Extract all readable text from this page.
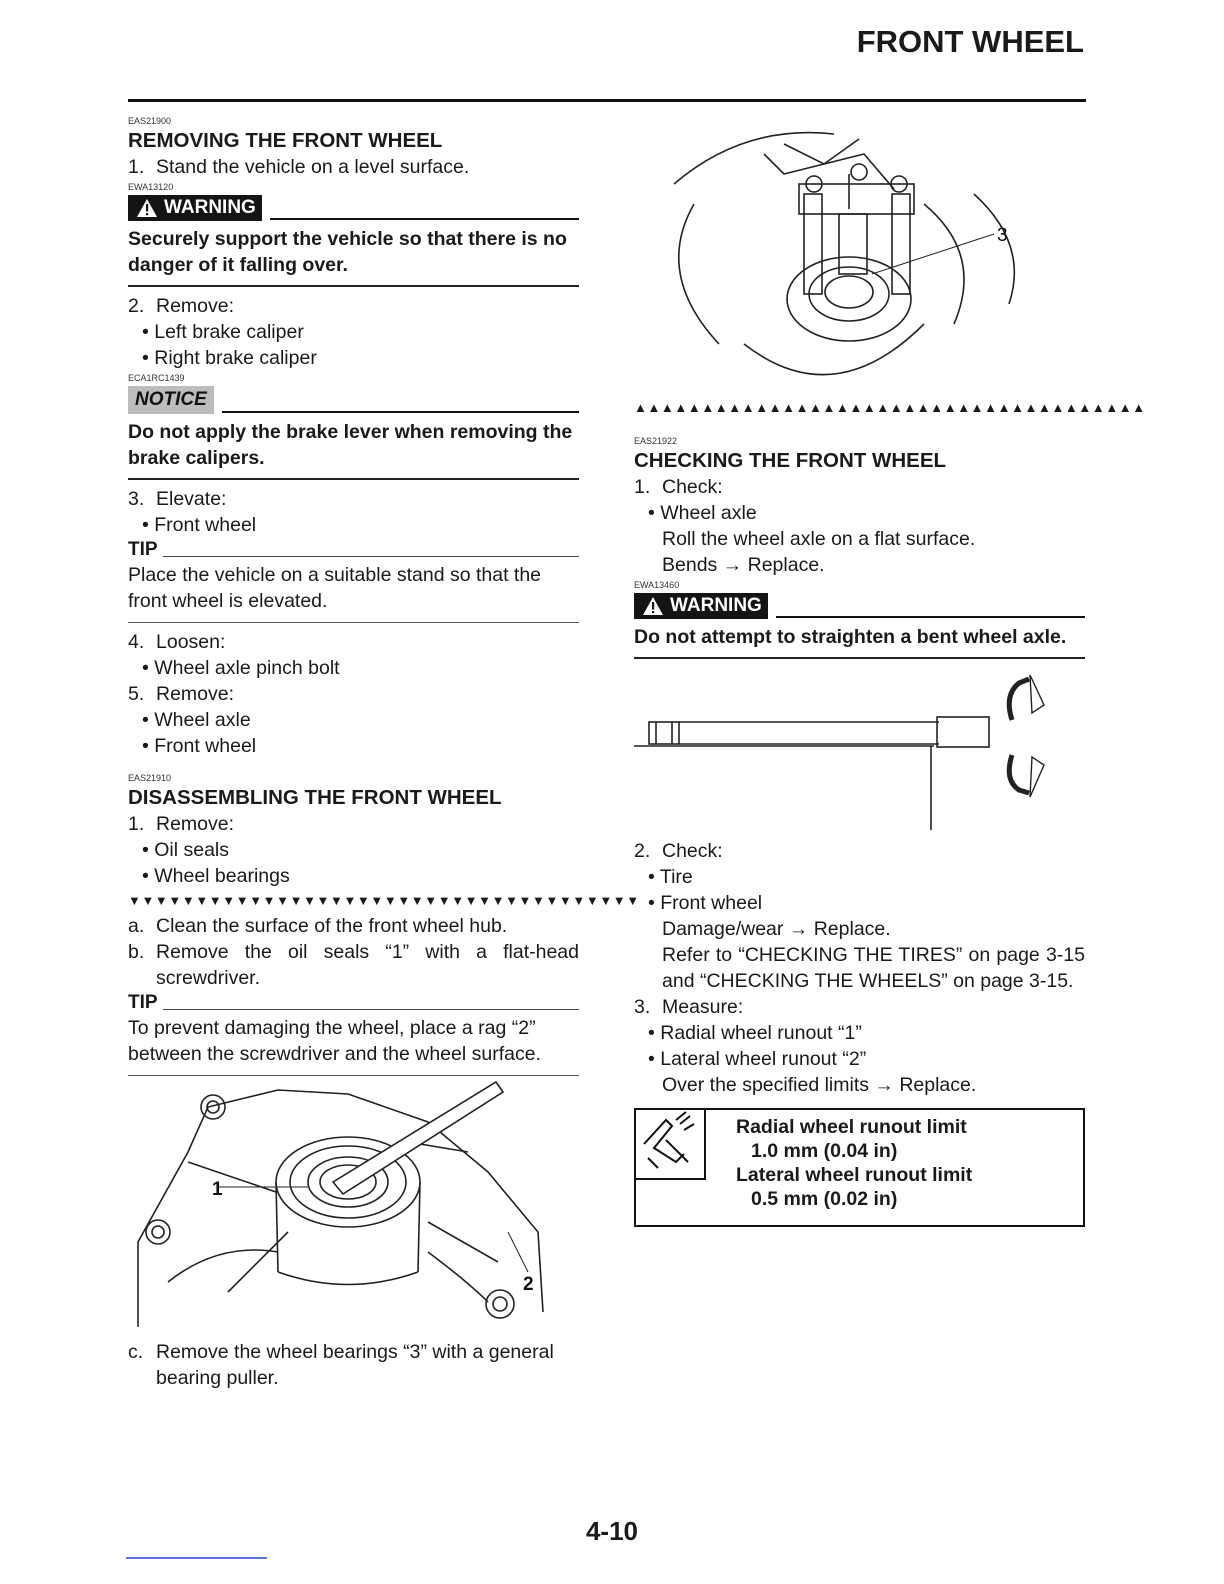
FRONT WHEEL
EAS21900
REMOVING THE FRONT WHEEL
1. Stand the vehicle on a level surface.
EWA13120
WARNING
Securely support the vehicle so that there is no danger of it falling over.
2. Remove:
• Left brake caliper
• Right brake caliper
ECA1RC1439
NOTICE
Do not apply the brake lever when removing the brake calipers.
3. Elevate:
• Front wheel
TIP
Place the vehicle on a suitable stand so that the front wheel is elevated.
4. Loosen:
• Wheel axle pinch bolt
5. Remove:
• Wheel axle
• Front wheel
EAS21910
DISASSEMBLING THE FRONT WHEEL
1. Remove:
• Oil seals
• Wheel bearings
▼▼▼▼▼▼▼▼▼▼▼▼▼▼▼▼▼▼▼▼▼▼▼▼▼▼▼▼▼▼▼▼▼▼▼▼▼▼
a. Clean the surface of the front wheel hub.
b. Remove the oil seals “1” with a flat-head screwdriver.
TIP
To prevent damaging the wheel, place a rag “2” between the screwdriver and the wheel surface.
1
2
c. Remove the wheel bearings “3” with a general bearing puller.
3
▲▲▲▲▲▲▲▲▲▲▲▲▲▲▲▲▲▲▲▲▲▲▲▲▲▲▲▲▲▲▲▲▲▲▲▲▲▲
EAS21922
CHECKING THE FRONT WHEEL
1. Check:
• Wheel axle
Roll the wheel axle on a flat surface.
Bends → Replace.
EWA13460
WARNING
Do not attempt to straighten a bent wheel axle.
2. Check:
• Tire
• Front wheel
Damage/wear → Replace.
Refer to “CHECKING THE TIRES” on page 3-15 and “CHECKING THE WHEELS” on page 3-15.
3. Measure:
• Radial wheel runout “1”
• Lateral wheel runout “2”
Over the specified limits → Replace.
Radial wheel runout limit
1.0 mm (0.04 in)
Lateral wheel runout limit
0.5 mm (0.02 in)
4-10
